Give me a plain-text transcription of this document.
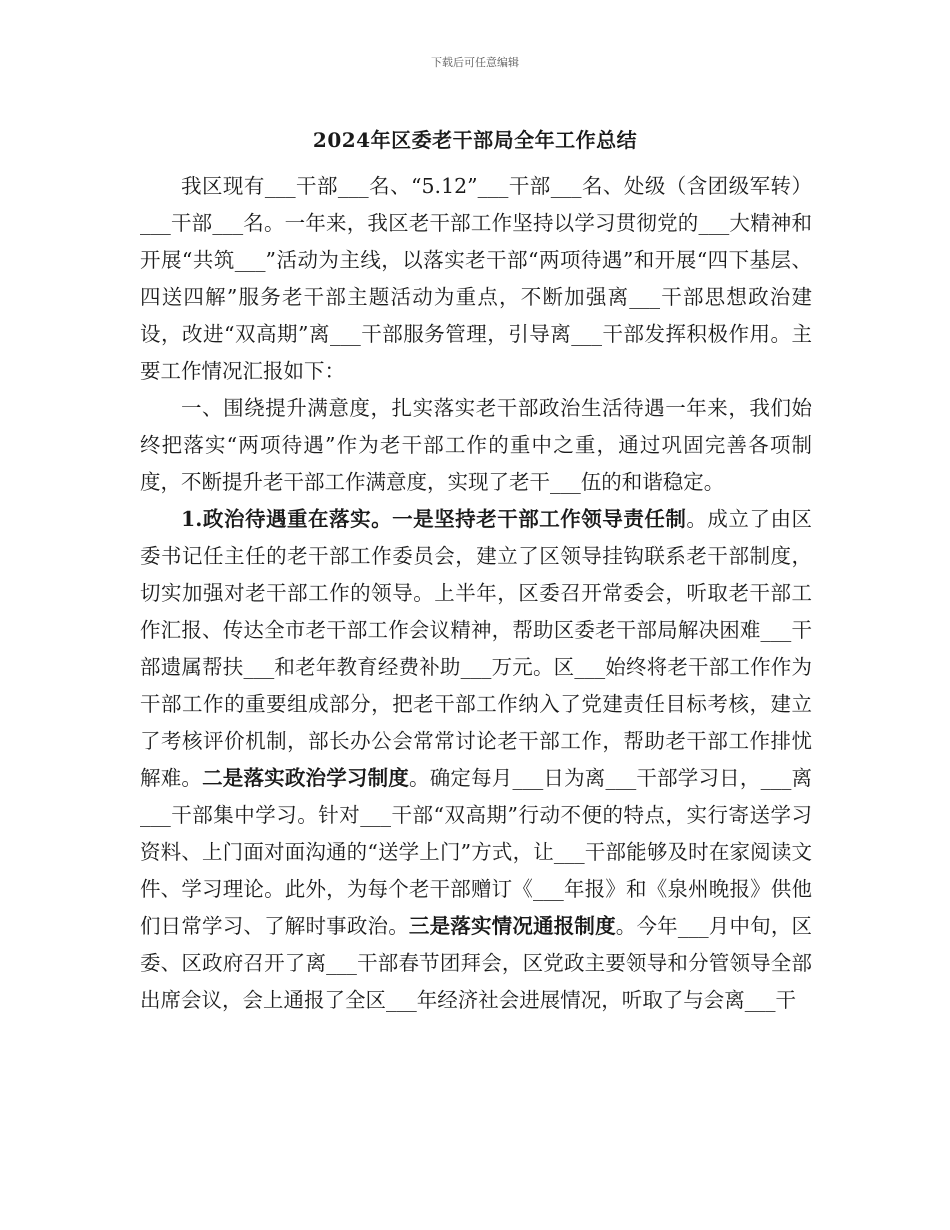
下载后可任意编辑
2024年区委老干部局全年工作总结

我区现有___干部___名、“5.12”___干部___名、处级（含团级军转）___干部___名。一年来，我区老干部工作坚持以学习贯彻党的___大精神和开展“共筑___”活动为主线，以落实老干部“两项待遇”和开展“四下基层、四送四解”服务老干部主题活动为重点，不断加强离___干部思想政治建设，改进“双高期”离___干部服务管理，引导离___干部发挥积极作用。主要工作情况汇报如下：

一、围绕提升满意度，扎实落实老干部政治生活待遇一年来，我们始终把落实“两项待遇”作为老干部工作的重中之重，通过巩固完善各项制度，不断提升老干部工作满意度，实现了老干___伍的和谐稳定。

1.政治待遇重在落实。一是坚持老干部工作领导责任制。成立了由区委书记任主任的老干部工作委员会，建立了区领导挂钩联系老干部制度，切实加强对老干部工作的领导。上半年，区委召开常委会，听取老干部工作汇报、传达全市老干部工作会议精神，帮助区委老干部局解决困难___干部遗属帮扶___和老年教育经费补助___万元。区___始终将老干部工作作为干部工作的重要组成部分，把老干部工作纳入了党建责任目标考核，建立了考核评价机制，部长办公会常常讨论老干部工作，帮助老干部工作排忧解难。二是落实政治学习制度。确定每月___日为离___干部学习日，___离___干部集中学习。针对___干部“双高期”行动不便的特点，实行寄送学习资料、上门面对面沟通的“送学上门”方式，让___干部能够及时在家阅读文件、学习理论。此外，为每个老干部赠订《___年报》和《泉州晚报》供他们日常学习、了解时事政治。三是落实情况通报制度。今年___月中旬，区委、区政府召开了离___干部春节团拜会，区党政主要领导和分管领导全部出席会议，会上通报了全区___年经济社会进展情况，听取了与会离___干
